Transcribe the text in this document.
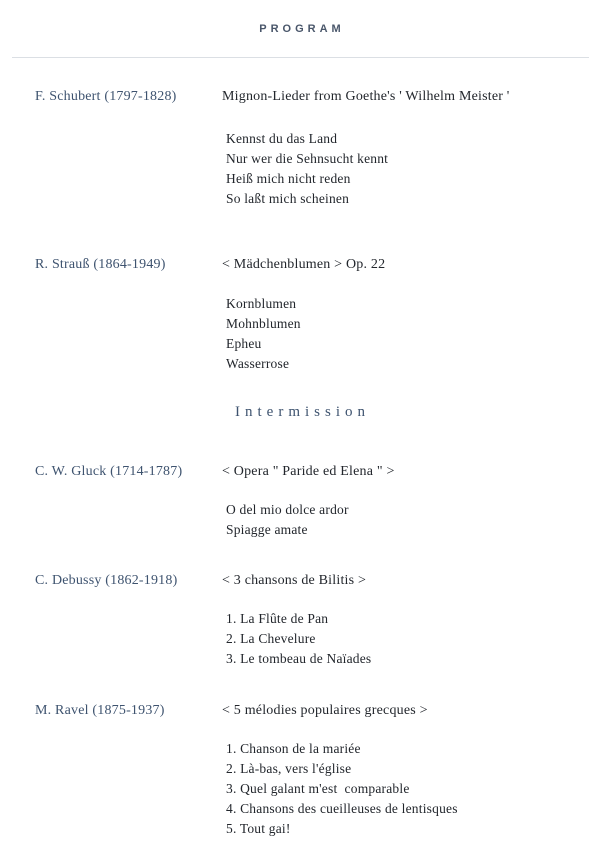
PROGRAM
F. Schubert (1797-1828)	Mignon-Lieder from Goethe's ' Wilhelm Meister '
Kennst du das Land
Nur wer die Sehnsucht kennt
Heiß mich nicht reden
So laßt mich scheinen
R. Strauß (1864-1949)	< Mädchenblumen > Op. 22
Kornblumen
Mohnblumen
Epheu
Wasserrose
Intermission
C. W. Gluck (1714-1787)	< Opera " Paride ed Elena " >
O del mio dolce ardor
Spiagge amate
C. Debussy (1862-1918)	< 3 chansons de Bilitis >
1. La Flûte de Pan
2. La Chevelure
3. Le tombeau de Naïades
M. Ravel (1875-1937)	< 5 mélodies populaires grecques >
1. Chanson de la mariée
2. Là-bas, vers l'église
3. Quel galant m'est  comparable
4. Chansons des cueilleuses de lentisques
5. Tout gai!
